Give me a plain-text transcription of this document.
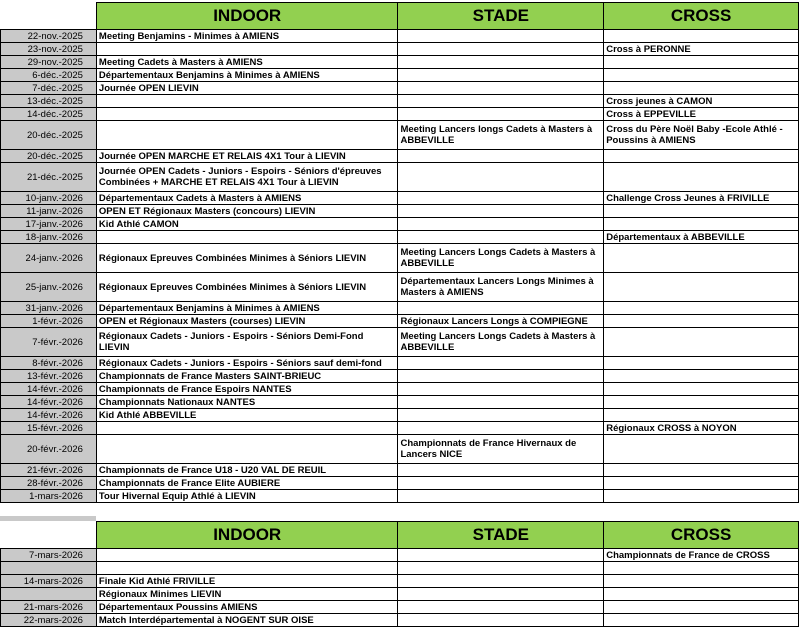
	INDOOR	STADE	CROSS
22-nov.-2025	Meeting Benjamins - Minimes à AMIENS		
23-nov.-2025			Cross à PERONNE
29-nov.-2025	Meeting Cadets à Masters à AMIENS		
6-déc.-2025	Départementaux Benjamins à Minimes à AMIENS		
7-déc.-2025	Journée OPEN LIEVIN		
13-déc.-2025			Cross jeunes à CAMON
14-déc.-2025			Cross à EPPEVILLE
20-déc.-2025		Meeting Lancers longs Cadets à Masters à ABBEVILLE	Cross du Père Noël Baby -Ecole Athlé - Poussins à AMIENS
20-déc.-2025	Journée OPEN MARCHE ET RELAIS 4X1 Tour à LIEVIN		
21-déc.-2025	Journée OPEN Cadets - Juniors - Espoirs - Séniors d'épreuves Combinées + MARCHE ET RELAIS 4X1 Tour à LIEVIN		
10-janv.-2026	Départementaux Cadets à Masters à AMIENS		Challenge Cross Jeunes à FRIVILLE
11-janv.-2026	OPEN ET Régionaux Masters (concours) LIEVIN		
17-janv.-2026	Kid Athlé CAMON		
18-janv.-2026			Départementaux à ABBEVILLE
24-janv.-2026	Régionaux Epreuves Combinées Minimes à Séniors LIEVIN	Meeting Lancers Longs Cadets à Masters à ABBEVILLE	
25-janv.-2026	Régionaux Epreuves Combinées Minimes à Séniors LIEVIN	Départementaux Lancers Longs Minimes à Masters à AMIENS	
31-janv.-2026	Départementaux Benjamins à Minimes à AMIENS		
1-févr.-2026	OPEN et Régionaux Masters (courses) LIEVIN	Régionaux Lancers Longs à COMPIEGNE	
7-févr.-2026	Régionaux Cadets - Juniors - Espoirs - Séniors Demi-Fond LIEVIN	Meeting Lancers Longs Cadets à Masters à ABBEVILLE	
8-févr.-2026	Régionaux Cadets - Juniors - Espoirs - Séniors sauf demi-fond		
13-févr.-2026	Championnats de France Masters SAINT-BRIEUC		
14-févr.-2026	Championnats de France Espoirs NANTES		
14-févr.-2026	Championnats Nationaux NANTES		
14-févr.-2026	Kid Athlé ABBEVILLE		
15-févr.-2026			Régionaux CROSS à NOYON
20-févr.-2026		Championnats de France Hivernaux de Lancers NICE	
21-févr.-2026	Championnats de France U18 - U20 VAL DE REUIL		
28-févr.-2026	Championnats de France Elite AUBIERE		
1-mars-2026	Tour Hivernal Equip Athlé à LIEVIN		
	INDOOR	STADE	CROSS
7-mars-2026			Championnats de France de CROSS

14-mars-2026	Finale Kid Athlé FRIVILLE		
	Régionaux Minimes LIEVIN		
21-mars-2026	Départementaux Poussins AMIENS		
22-mars-2026	Match Interdépartemental à NOGENT SUR OISE		
